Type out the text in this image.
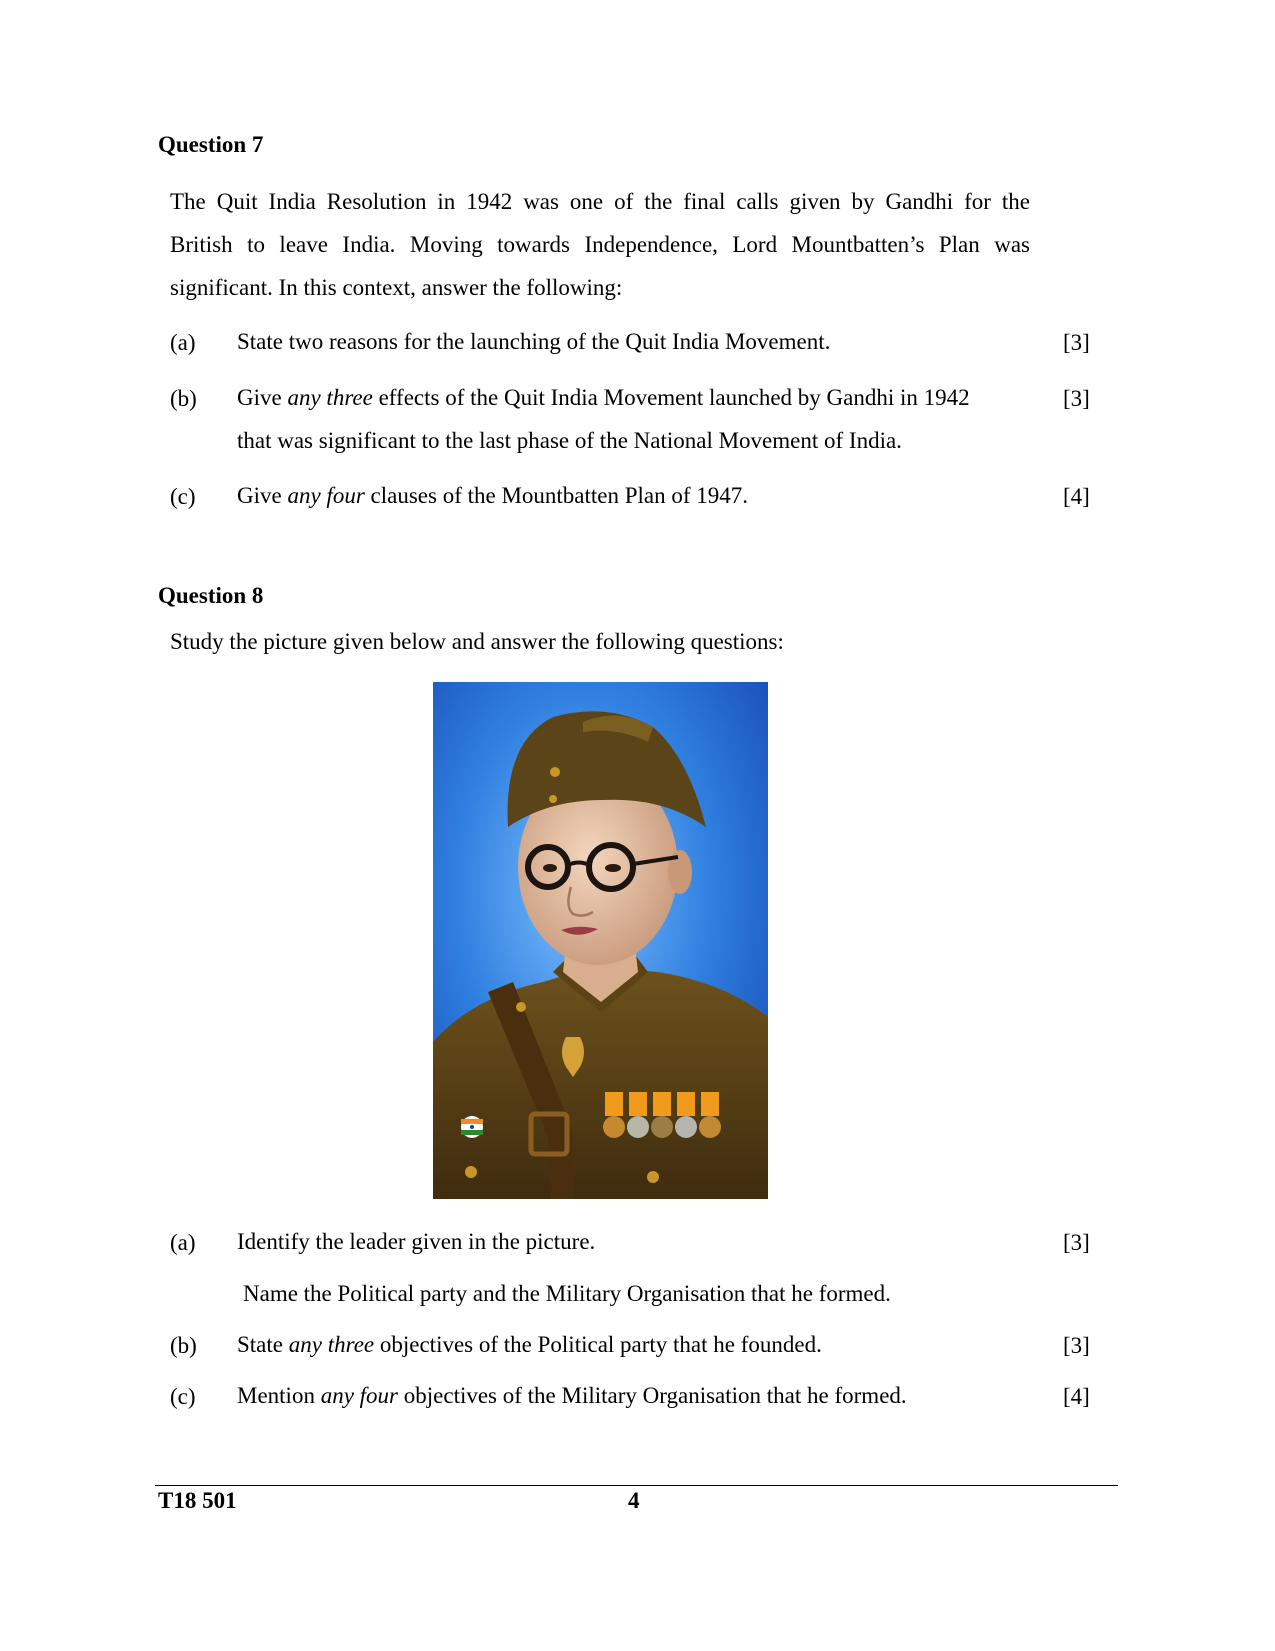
Question 7
The Quit India Resolution in 1942 was one of the final calls given by Gandhi for the
British to leave India. Moving towards Independence, Lord Mountbatten’s Plan was
significant. In this context, answer the following:
(a) State two reasons for the launching of the Quit India Movement.	[3]
(b) Give any three effects of the Quit India Movement launched by Gandhi in 1942
that was significant to the last phase of the National Movement of India.
[3]
(c) Give any four clauses of the Mountbatten Plan of 1947.	[4]
Question 8
Study the picture given below and answer the following questions:
(a) Identify the leader given in the picture.	[3]
Name the Political party and the Military Organisation that he formed.
(b) State any three objectives of the Political party that he founded.	[3]
(c) Mention any four objectives of the Military Organisation that he formed.	[4]
T18 501	4
